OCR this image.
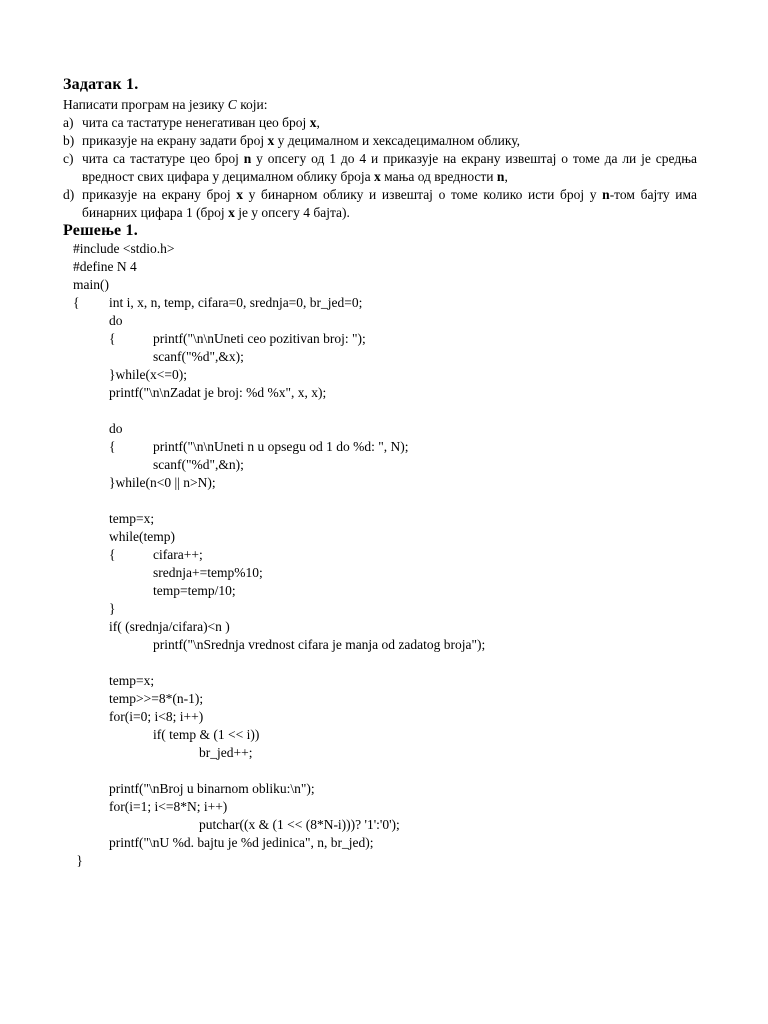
Задатак 1.

Написати програм на језику C који:

a) чита са тастатуре ненегативан цео број x,
b) приказује на екрану задати број x у децималном и хексадецималном облику,
c) чита са тастатуре цео број n у опсегу од 1 до 4 и приказује на екрану извештај о томе да ли је средња вредност свих цифара у децималном облику броја x мања од вредности n,
d) приказује на екрану број x у бинарном облику и извештај о томе колико исти број у n-том бајту има бинарних цифара 1 (број x је у опсегу 4 бајта).
Решење 1.
#include <stdio.h>
#define N 4
main()
{ int i, x, n, temp, cifara=0, srednja=0, br_jed=0;
do
{	printf("\n\nUneti ceo pozitivan broj: ");
scanf("%d",&x);
}while(x<=0);
printf("\n\nZadat je broj: %d %x", x, x);
do
{	printf("\n\nUneti n u opsegu od 1 do %d: ", N);
scanf("%d",&n);
}while(n<0 || n>N);
temp=x;
while(temp)
{	cifara++;
srednja+=temp%10;
temp=temp/10;
}
if( (srednja/cifara)<n )
printf("\nSrednja vrednost cifara je manja od zadatog broja");
temp=x;
temp>>=8*(n-1);
for(i=0; i<8; i++)
if( temp & (1 << i))
br_jed++;
printf("\nBroj u binarnom obliku:\n");
for(i=1; i<=8*N; i++)
putchar((x & (1 << (8*N-i)))? '1':'0');
printf("\nU %d. bajtu je %d jedinica", n, br_jed);
}
